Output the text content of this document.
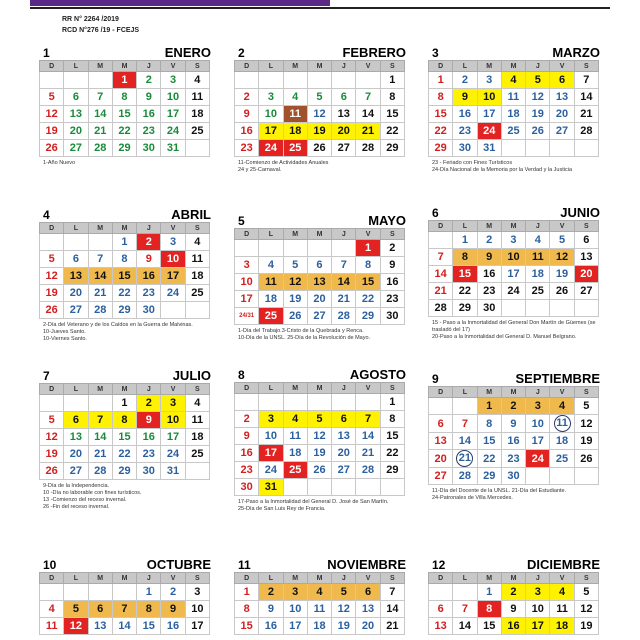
RR N° 2264 /2019
RCD N°276 /19 - FCEJS
1	ENERO
D	L	M	M	J	V	S
			1	2	3	4
5	6	7	8	9	10	11
12	13	14	15	16	17	18
19	20	21	22	23	24	25
26	27	28	29	30	31	
1-Año Nuevo
2	FEBRERO
D	L	M	M	J	V	S
						1
2	3	4	5	6	7	8
9	10	11	12	13	14	15
16	17	18	19	20	21	22
23	24	25	26	27	28	29
11-Comienzo de Actividades Anuales
24 y 25-Carnaval.
3	MARZO
D	L	M	M	J	V	S
1	2	3	4	5	6	7
8	9	10	11	12	13	14
15	16	17	18	19	20	21
22	23	24	25	26	27	28
29	30	31				
23 - Feriado con Fines Turísticos
24-Día Nacional de la Memoria por la Verdad y la Justicia
4	ABRIL
D	L	M	M	J	V	S
			1	2	3	4
5	6	7	8	9	10	11
12	13	14	15	16	17	18
19	20	21	22	23	24	25
26	27	28	29	30		
2-Día del Veterano y de los Caídos en la Guerra de Malvinas.
10-Jueves Santo.
10-Viernes Santo.
5	MAYO
D	L	M	M	J	V	S
					1	2
3	4	5	6	7	8	9
10	11	12	13	14	15	16
17	18	19	20	21	22	23
24/31	25	26	27	28	29	30
1-Día del Trabajo.3-Cristo de la Quebrada y Renca.
10-Día de la UNSL. 25-Día de la Revolución de Mayo.
6	JUNIO
D	L	M	M	J	V	S
	1	2	3	4	5	6
7	8	9	10	11	12	13
14	15	16	17	18	19	20
21	22	23	24	25	26	27
28	29	30				
15 - Paso a la Inmortalidad del General Don Martín de Güemes (se trasladó del 17)
20-Paso a la Inmortalidad del General D. Manuel Belgrano.
7	JULIO
D	L	M	M	J	V	S
			1	2	3	4
5	6	7	8	9	10	11
12	13	14	15	16	17	18
19	20	21	22	23	24	25
26	27	28	29	30	31	
9-Día de la Independencia.
10 -Día no laborable con fines turísticos.
13 -Comienzo del receso invernal.
26 -Fin del receso invernal.
8	AGOSTO
D	L	M	M	J	V	S
						1
2	3	4	5	6	7	8
9	10	11	12	13	14	15
16	17	18	19	20	21	22
23	24	25	26	27	28	29
30	31					
17-Paso a la Inmortalidad del General D. José de San Martín.
25-Día de San Luis Rey de Francia.
9	SEPTIEMBRE
D	L	M	M	J	V	S
		1	2	3	4	5
6	7	8	9	10	11	12
13	14	15	16	17	18	19
20	21	22	23	24	25	26
27	28	29	30			
11-Día del Docente de la UNSL. 21-Día del Estudiante.
24-Patronales de Villa Mercedes.
10	OCTUBRE
D	L	M	M	J	V	S
				1	2	3
4	5	6	7	8	9	10
11	12	13	14	15	16	17
11	NOVIEMBRE
D	L	M	M	J	V	S
1	2	3	4	5	6	7
8	9	10	11	12	13	14
15	16	17	18	19	20	21
12	DICIEMBRE
D	L	M	M	J	V	S
		1	2	3	4	5
6	7	8	9	10	11	12
13	14	15	16	17	18	19
